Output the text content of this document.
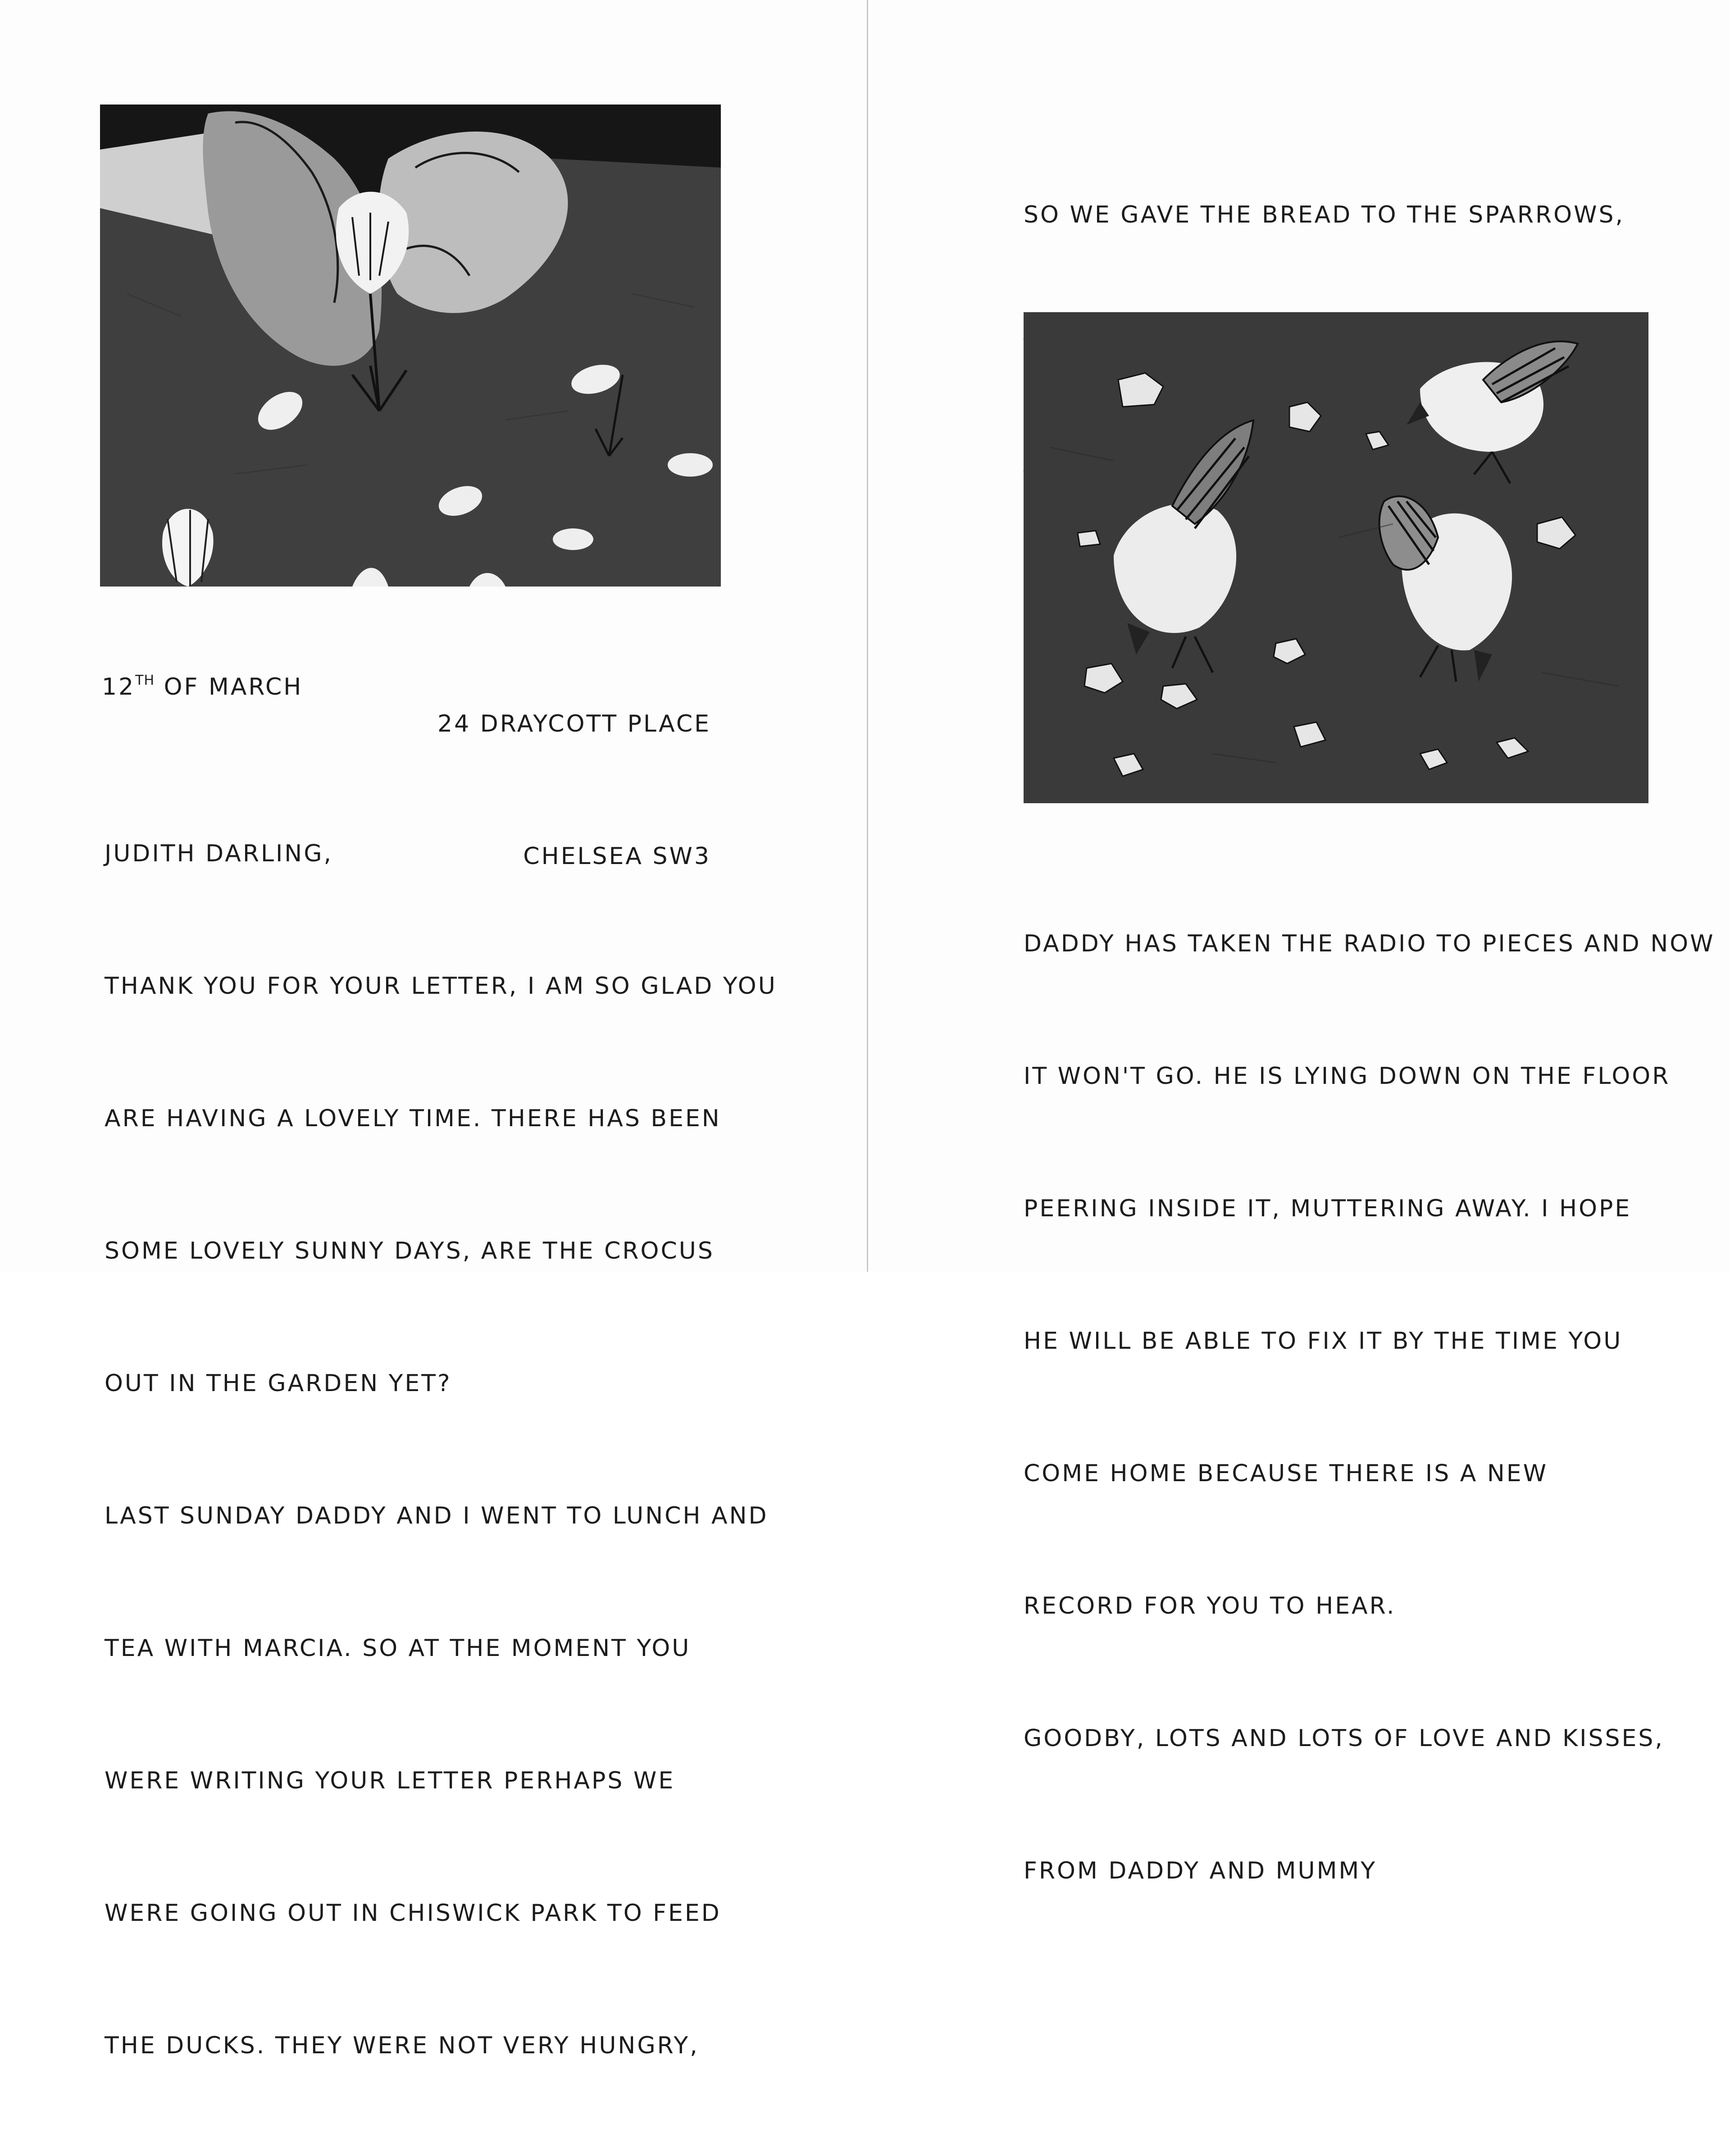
24 DRAYCOTT PLACE

CHELSEA SW3

12TH OF MARCH

JUDITH DARLING,

THANK YOU FOR YOUR LETTER, I AM SO GLAD YOU

ARE HAVING A LOVELY TIME. THERE HAS BEEN

SOME LOVELY SUNNY DAYS, ARE THE CROCUS

OUT IN THE GARDEN YET?

LAST SUNDAY DADDY AND I WENT TO LUNCH AND

TEA WITH MARCIA. SO AT THE MOMENT YOU

WERE WRITING YOUR LETTER PERHAPS WE

WERE GOING OUT IN CHISWICK PARK TO FEED

THE DUCKS. THEY WERE NOT VERY HUNGRY,

SO WE GAVE THE BREAD TO THE SPARROWS,

DADDY HAS TAKEN THE RADIO TO PIECES AND NOW

IT WON'T GO. HE IS LYING DOWN ON THE FLOOR

PEERING INSIDE IT, MUTTERING AWAY. I HOPE

HE WILL BE ABLE TO FIX IT BY THE TIME YOU

COME HOME BECAUSE THERE IS A NEW

RECORD FOR YOU TO HEAR.

GOODBY, LOTS AND LOTS OF LOVE AND KISSES,

FROM DADDY AND MUMMY
